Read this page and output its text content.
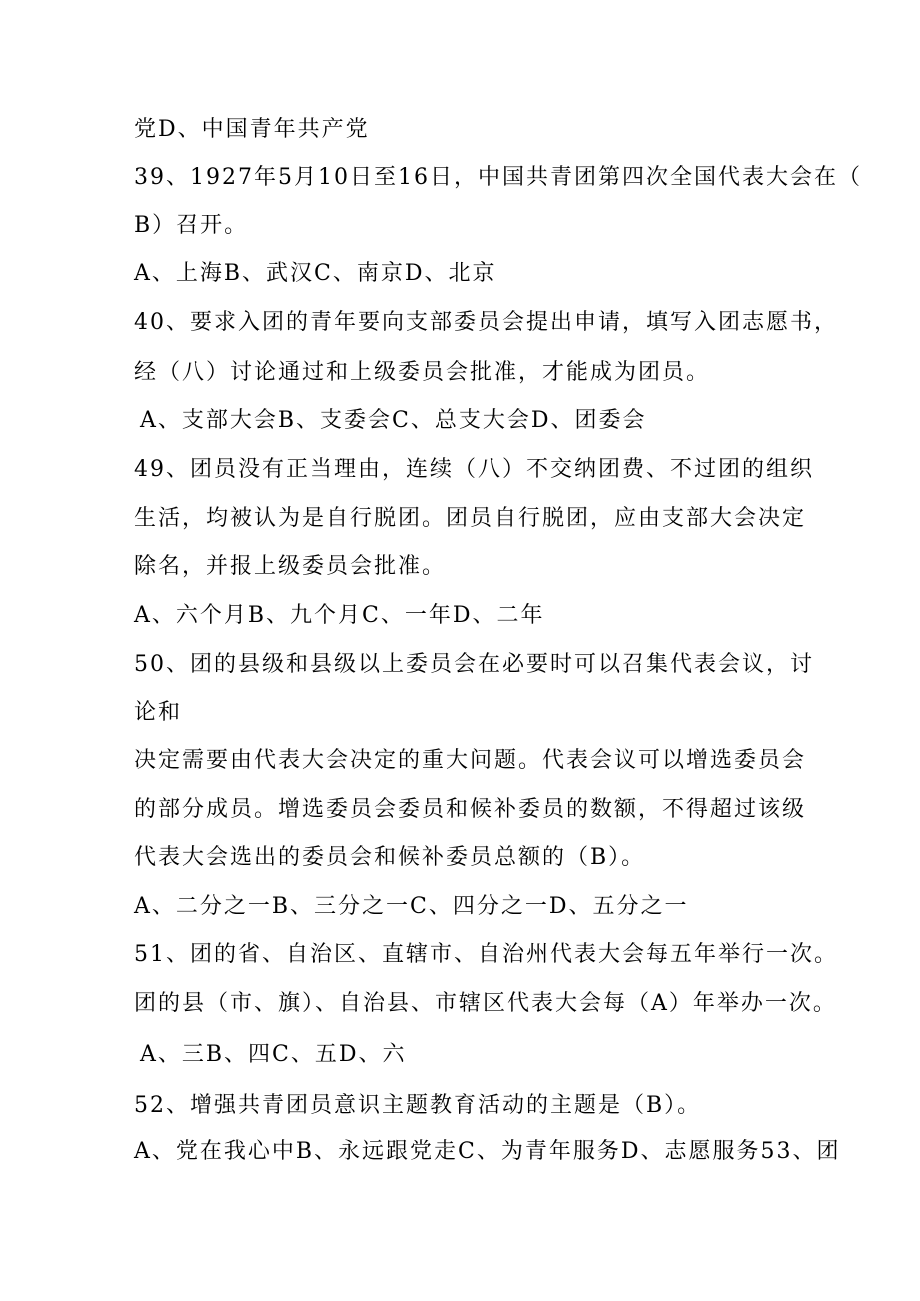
党D、中国青年共产党
39、1927年5月10日至16日，中国共青团第四次全国代表大会在（
B）召开。
A、上海B、武汉C、南京D、北京
40、要求入团的青年要向支部委员会提出申请，填写入团志愿书，
经（八）讨论通过和上级委员会批准，才能成为团员。
A、支部大会B、支委会C、总支大会D、团委会
49、团员没有正当理由，连续（八）不交纳团费、不过团的组织
生活，均被认为是自行脱团。团员自行脱团，应由支部大会决定
除名，并报上级委员会批准。
A、六个月B、九个月C、一年D、二年
50、团的县级和县级以上委员会在必要时可以召集代表会议，讨
论和
决定需要由代表大会决定的重大问题。代表会议可以增选委员会
的部分成员。增选委员会委员和候补委员的数额，不得超过该级
代表大会选出的委员会和候补委员总额的（B）。
A、二分之一B、三分之一C、四分之一D、五分之一
51、团的省、自治区、直辖市、自治州代表大会每五年举行一次。
团的县（市、旗）、自治县、市辖区代表大会每（A）年举办一次。
A、三B、四C、五D、六
52、增强共青团员意识主题教育活动的主题是（B）。
A、党在我心中B、永远跟党走C、为青年服务D、志愿服务53、团
